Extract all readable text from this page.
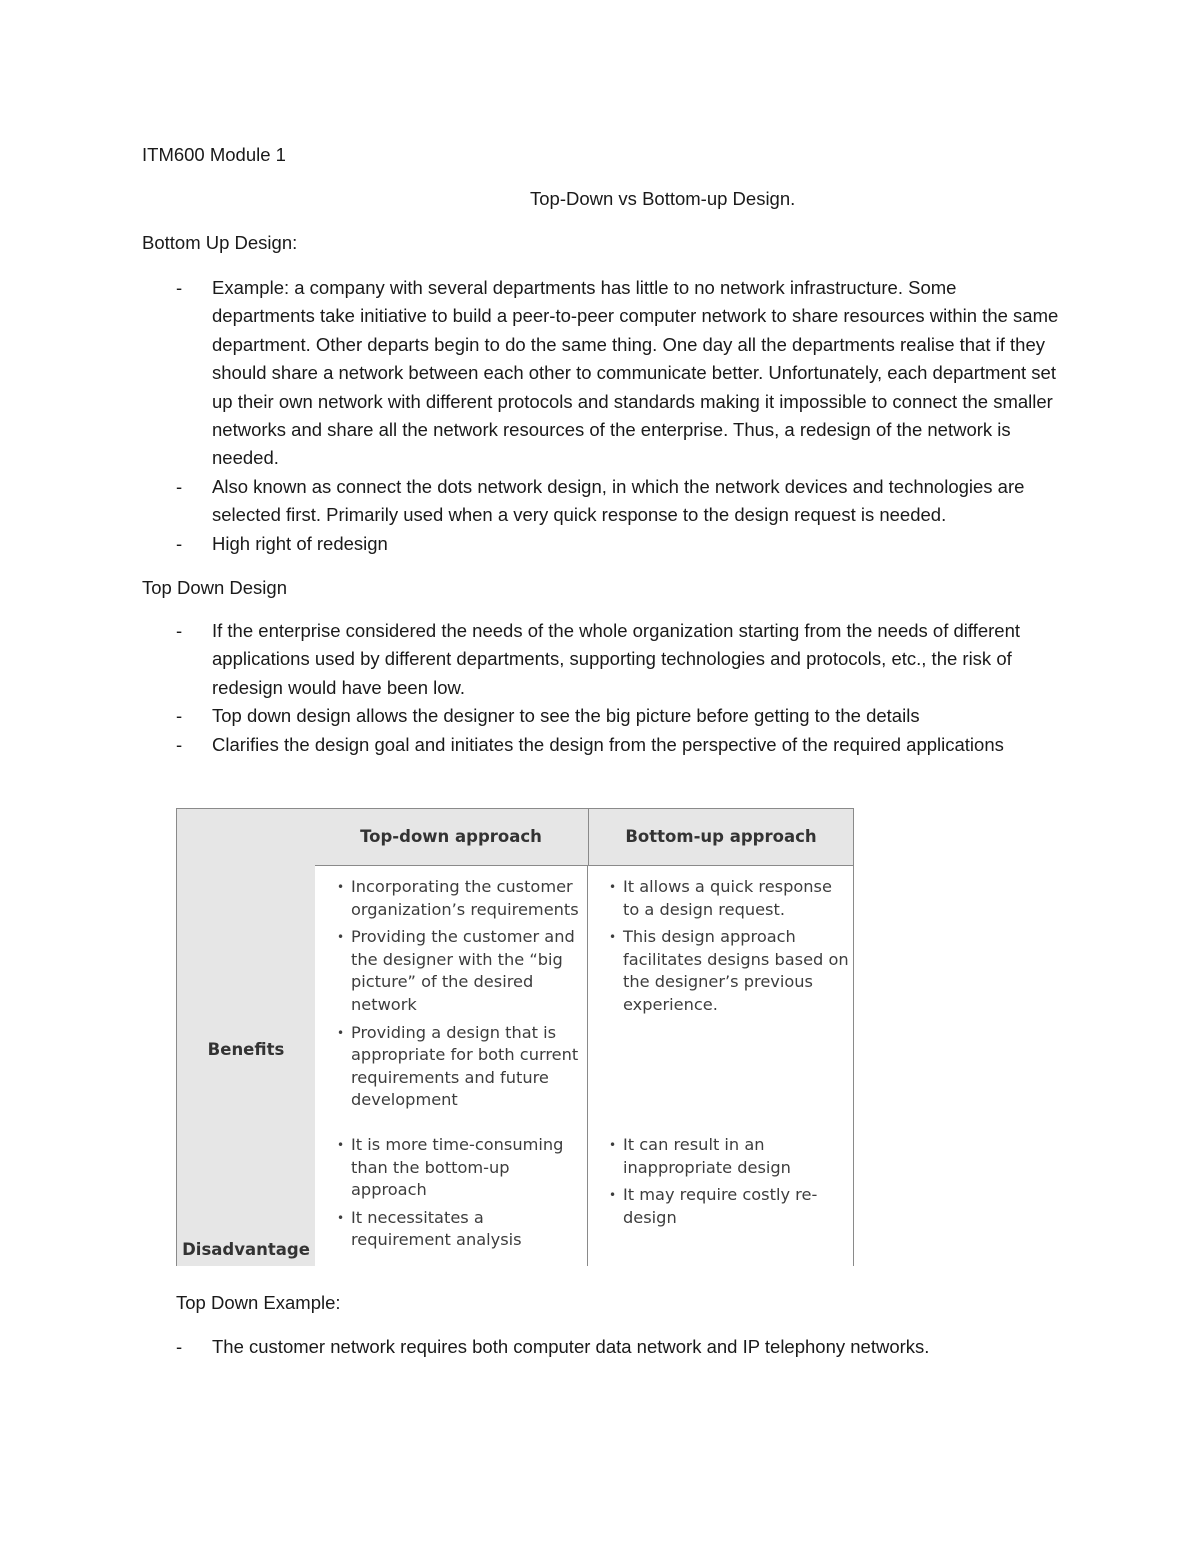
ITM600 Module 1
Top-Down vs Bottom-up Design.
Bottom Up Design:
- Example: a company with several departments has little to no network infrastructure. Some departments take initiative to build a peer-to-peer computer network to share resources within the same department. Other departs begin to do the same thing. One day all the departments realise that if they should share a network between each other to communicate better. Unfortunately, each department set up their own network with different protocols and standards making it impossible to connect the smaller networks and share all the network resources of the enterprise. Thus, a redesign of the network is needed.
- Also known as connect the dots network design, in which the network devices and technologies are selected first. Primarily used when a very quick response to the design request is needed.
- High right of redesign
Top Down Design
- If the enterprise considered the needs of the whole organization starting from the needs of different applications used by different departments, supporting technologies and protocols, etc., the risk of redesign would have been low.
- Top down design allows the designer to see the big picture before getting to the details
- Clarifies the design goal and initiates the design from the perspective of the required applications
Top-down approach	Bottom-up approach
Benefits
Disadvantage
• Incorporating the customer organization’s requirements
• Providing the customer and the designer with the “big picture” of the desired network
• Providing a design that is appropriate for both current requirements and future development
• It allows a quick response to a design request.
• This design approach facilitates designs based on the designer’s previous experience.
• It is more time-consuming than the bottom-up approach
• It necessitates a requirement analysis
• It can result in an inappropriate design
• It may require costly re-design
Top Down Example:
- The customer network requires both computer data network and IP telephony networks.
